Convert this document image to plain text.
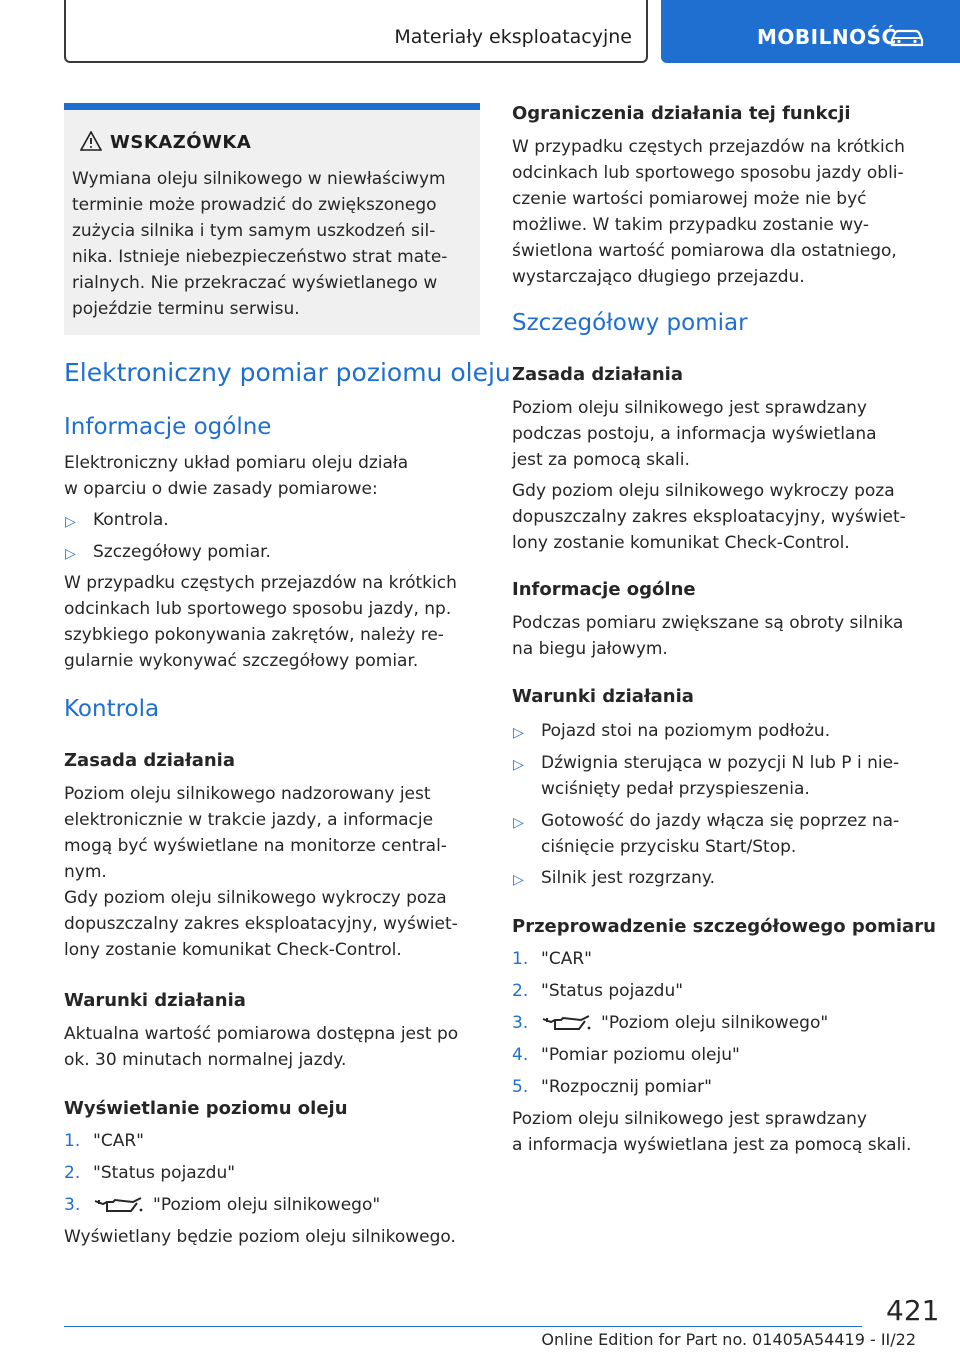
Materiały eksploatacyjne	MOBILNOŚĆ
WSKAZÓWKA
Wymiana oleju silnikowego w niewłaściwym
terminie może prowadzić do zwiększonego
zużycia silnika i tym samym uszkodzeń sil-
nika. Istnieje niebezpieczeństwo strat mate-
rialnych. Nie przekraczać wyświetlanego w
pojeździe terminu serwisu.
Elektroniczny pomiar poziomu oleju
Informacje ogólne
Elektroniczny układ pomiaru oleju działa
w oparciu o dwie zasady pomiarowe:
▷ Kontrola.
▷ Szczegółowy pomiar.
W przypadku częstych przejazdów na krótkich
odcinkach lub sportowego sposobu jazdy, np.
szybkiego pokonywania zakrętów, należy re-
gularnie wykonywać szczegółowy pomiar.
Kontrola
Zasada działania
Poziom oleju silnikowego nadzorowany jest
elektronicznie w trakcie jazdy, a informacje
mogą być wyświetlane na monitorze central-
nym.
Gdy poziom oleju silnikowego wykroczy poza
dopuszczalny zakres eksploatacyjny, wyświet-
lony zostanie komunikat Check-Control.
Warunki działania
Aktualna wartość pomiarowa dostępna jest po
ok. 30 minutach normalnej jazdy.
Wyświetlanie poziomu oleju
1. "CAR"
2. "Status pojazdu"
3.	"Poziom oleju silnikowego"
Wyświetlany będzie poziom oleju silnikowego.
Ograniczenia działania tej funkcji
W przypadku częstych przejazdów na krótkich
odcinkach lub sportowego sposobu jazdy obli-
czenie wartości pomiarowej może nie być
możliwe. W takim przypadku zostanie wy-
świetlona wartość pomiarowa dla ostatniego,
wystarczająco długiego przejazdu.
Szczegółowy pomiar
Zasada działania
Poziom oleju silnikowego jest sprawdzany
podczas postoju, a informacja wyświetlana
jest za pomocą skali.
Gdy poziom oleju silnikowego wykroczy poza
dopuszczalny zakres eksploatacyjny, wyświet-
lony zostanie komunikat Check-Control.
Informacje ogólne
Podczas pomiaru zwiększane są obroty silnika
na biegu jałowym.
Warunki działania
▷ Pojazd stoi na poziomym podłożu.
▷ Dźwignia sterująca w pozycji N lub P i nie-
wciśnięty pedał przyspieszenia.
▷ Gotowość do jazdy włącza się poprzez na-
ciśnięcie przycisku Start/Stop.
▷ Silnik jest rozgrzany.
Przeprowadzenie szczegółowego pomiaru
1. "CAR"
2. "Status pojazdu"
3.	"Poziom oleju silnikowego"
4. "Pomiar poziomu oleju"
5. "Rozpocznij pomiar"
Poziom oleju silnikowego jest sprawdzany
a informacja wyświetlana jest za pomocą skali.
421
Online Edition for Part no. 01405A54419 - II/22
